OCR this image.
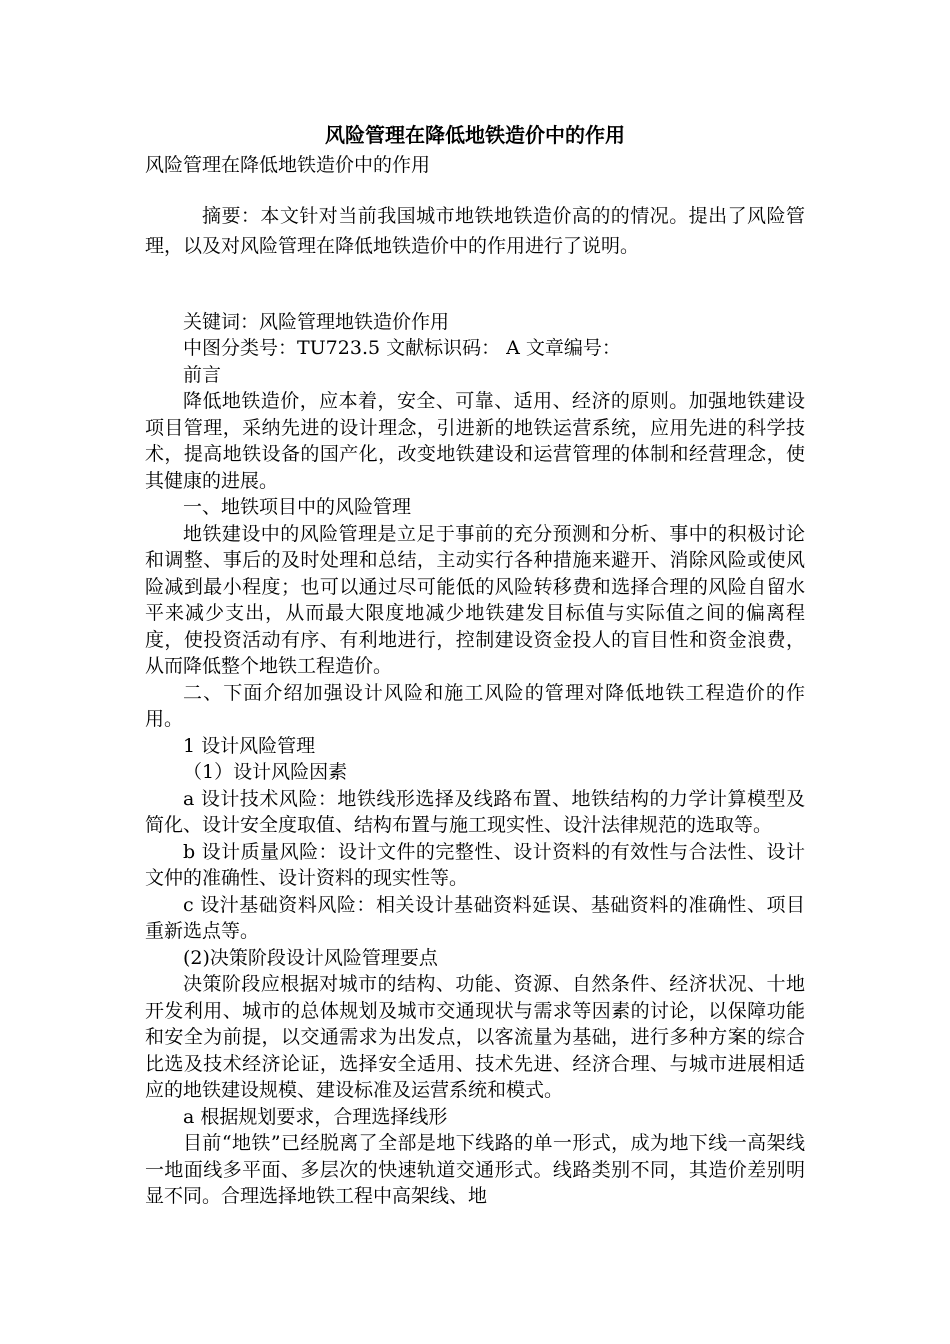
风险管理在降低地铁造价中的作用
风险管理在降低地铁造价中的作用
摘要：本文针对当前我国城市地铁地铁造价高的的情况。提出了风险管理，以及对风险管理在降低地铁造价中的作用进行了说明。
关键词：风险管理地铁造价作用
中图分类号：TU723.5 文献标识码： A 文章编号：
前言
降低地铁造价，应本着，安全、可靠、适用、经济的原则。加强地铁建设项目管理，采纳先进的设计理念，引进新的地铁运营系统，应用先进的科学技术，提高地铁设备的国产化，改变地铁建设和运营管理的体制和经营理念，使其健康的进展。
一、地铁项目中的风险管理
地铁建设中的风险管理是立足于事前的充分预测和分析、事中的积极讨论和调整、事后的及时处理和总结，主动实行各种措施来避开、消除风险或使风险减到最小程度；也可以通过尽可能低的风险转移费和选择合理的风险自留水平来减少支出，从而最大限度地减少地铁建发目标值与实际值之间的偏离程度，使投资活动有序、有利地进行，控制建设资金投人的盲目性和资金浪费，从而降低整个地铁工程造价。
二、下面介绍加强设计风险和施工风险的管理对降低地铁工程造价的作用。
1 设计风险管理
（1）设计风险因素
a 设计技术风险：地铁线形选择及线路布置、地铁结构的力学计算模型及简化、设计安全度取值、结构布置与施工现实性、设汁法律规范的选取等。
b 设计质量风险：设计文件的完整性、设计资料的有效性与合法性、设计文仲的准确性、设计资料的现实性等。
c 设汁基础资料风险：相关设计基础资料延误、基础资料的准确性、项目重新选点等。
(2)决策阶段设计风险管理要点
决策阶段应根据对城市的结构、功能、资源、自然条件、经济状况、十地开发利用、城市的总体规划及城市交通现状与需求等因素的讨论，以保障功能和安全为前提，以交通需求为出发点，以客流量为基础，进行多种方案的综合比选及技术经济论证，选择安全适用、技术先进、经济合理、与城市进展相适应的地铁建设规模、建设标准及运营系统和模式。
a 根据规划要求，合理选择线形
目前“地铁”已经脱离了全部是地下线路的单一形式，成为地下线一高架线一地面线多平面、多层次的快速轨道交通形式。线路类别不同，其造价差别明显不同。合理选择地铁工程中高架线、地
